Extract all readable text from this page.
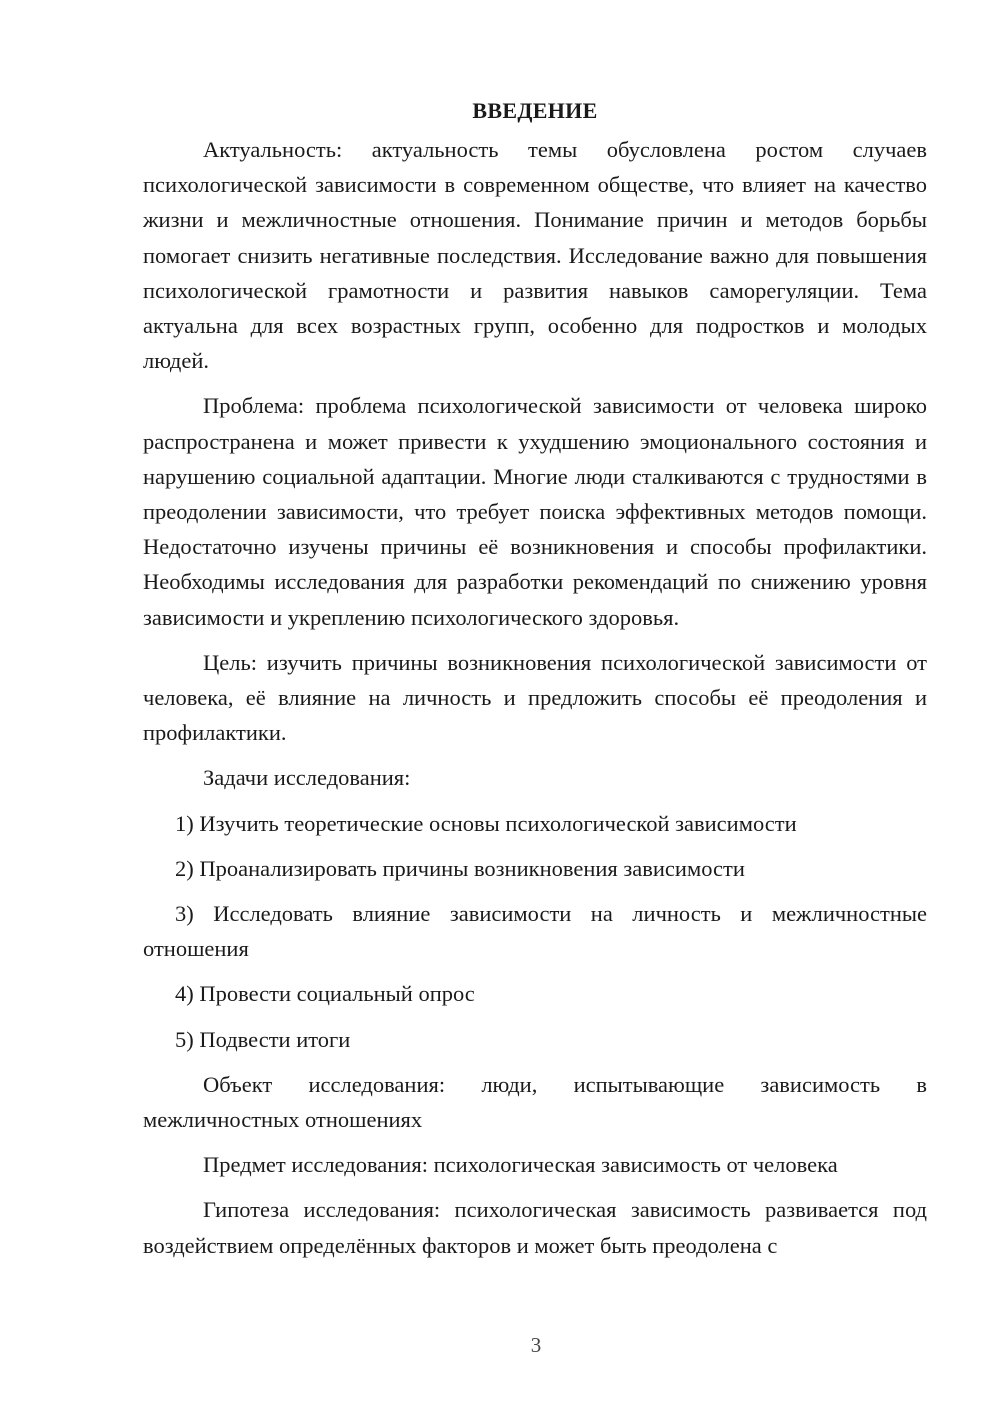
ВВЕДЕНИЕ

Актуальность: актуальность темы обусловлена ростом случаев психологической зависимости в современном обществе, что влияет на качество жизни и межличностные отношения. Понимание причин и методов борьбы помогает снизить негативные последствия. Исследование важно для повышения психологической грамотности и развития навыков саморегуляции. Тема актуальна для всех возрастных групп, особенно для подростков и молодых людей.

Проблема: проблема психологической зависимости от человека широко распространена и может привести к ухудшению эмоционального состояния и нарушению социальной адаптации. Многие люди сталкиваются с трудностями в преодолении зависимости, что требует поиска эффективных методов помощи. Недостаточно изучены причины её возникновения и способы профилактики. Необходимы исследования для разработки рекомендаций по снижению уровня зависимости и укреплению психологического здоровья.

Цель: изучить причины возникновения психологической зависимости от человека, её влияние на личность и предложить способы её преодоления и профилактики.

Задачи исследования:

1) Изучить теоретические основы психологической зависимости

2) Проанализировать причины возникновения зависимости

3) Исследовать влияние зависимости на личность и межличностные отношения

4) Провести социальный опрос

5) Подвести итоги

Объект исследования: люди, испытывающие зависимость в межличностных отношениях

Предмет исследования: психологическая зависимость от человека

Гипотеза исследования: психологическая зависимость развивается под воздействием определённых факторов и может быть преодолена с

3
